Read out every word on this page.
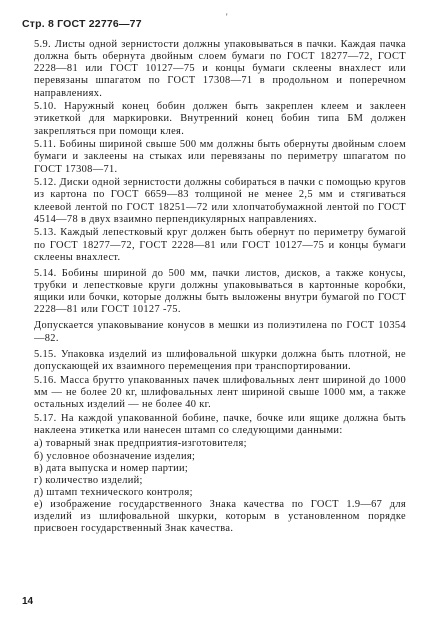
Стр. 8 ГОСТ 22776—77
'

5.9. Листы одной зернистости должны упаковываться в пачки. Каждая пачка должна быть обернута двойным слоем бумаги по ГОСТ 18277—72, ГОСТ 2228—81 или ГОСТ 10127—75 и концы бумаги склеены внахлест или перевязаны шпагатом по ГОСТ 17308—71 в продольном и поперечном направлениях.

5.10. Наружный конец бобин должен быть закреплен клеем и заклеен этикеткой для маркировки. Внутренний конец бобин типа БМ должен закрепляться при помощи клея.

5.11. Бобины шириной свыше 500 мм должны быть обернуты двойным слоем бумаги и заклеены на стыках или перевязаны по периметру шпагатом по ГОСТ 17308—71.

5.12. Диски одной зернистости должны собираться в пачки с помощью кругов из картона по ГОСТ 6659—83 толщиной не менее 2,5 мм и стягиваться клеевой лентой по ГОСТ 18251—72 или хлопчатобумажной лентой по ГОСТ 4514—78 в двух взаимно перпендикулярных направлениях.

5.13. Каждый лепестковый круг должен быть обернут по периметру бумагой по ГОСТ 18277—72, ГОСТ 2228—81 или ГОСТ 10127—75 и концы бумаги склеены внахлест.

5.14. Бобины шириной до 500 мм, пачки листов, дисков, а также конусы, трубки и лепестковые круги должны упаковываться в картонные коробки, ящики или бочки, которые должны быть выложены внутри бумагой по ГОСТ 2228—81 или ГОСТ 10127 -75.

Допускается упаковывание конусов в мешки из полиэтилена по ГОСТ 10354—82.

5.15. Упаковка изделий из шлифовальной шкурки должна быть плотной, не допускающей их взаимного перемещения при транспортировании.

5.16. Масса брутто упакованных пачек шлифовальных лент шириной до 1000 мм — не более 20 кг, шлифовальных лент шириной свыше 1000 мм, а также остальных изделий — не более 40 кг.

5.17. На каждой упакованной бобине, пачке, бочке или ящике должна быть наклеена этикетка или нанесен штамп со следующими данными:

а) товарный знак предприятия-изготовителя;

б) условное обозначение изделия;

в) дата выпуска и номер партии;

г) количество изделий;

д) штамп технического контроля;

е) изображение государственного Знака качества по ГОСТ 1.9—67 для изделий из шлифовальной шкурки, которым в установленном порядке присвоен государственный Знак качества.

14
